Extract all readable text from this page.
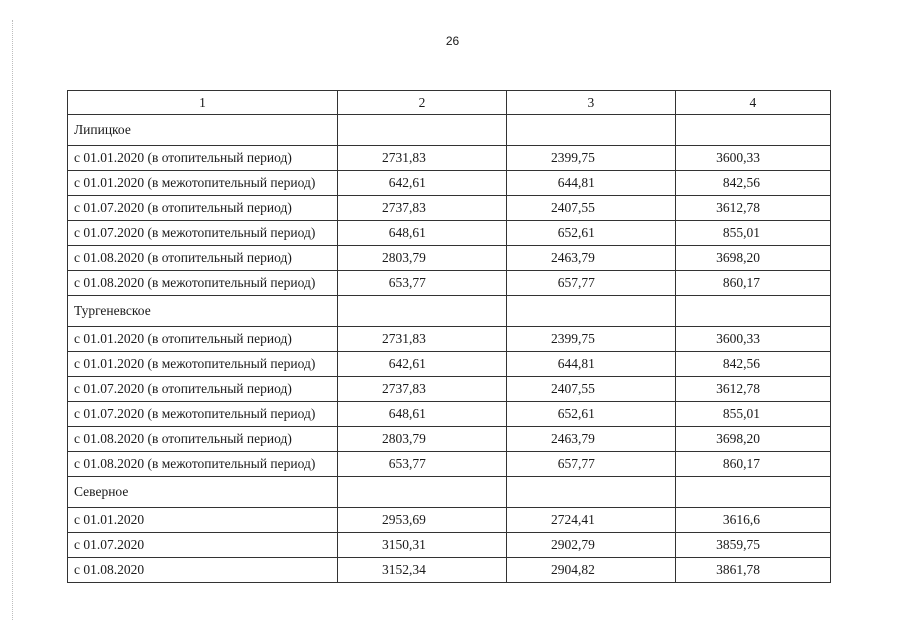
26
1	2	3	4
Липицкое			
с 01.01.2020 (в отопительный период)	2731,83	2399,75	3600,33
с 01.01.2020 (в межотопительный период)	642,61	644,81	842,56
с 01.07.2020 (в отопительный период)	2737,83	2407,55	3612,78
с 01.07.2020 (в межотопительный период)	648,61	652,61	855,01
с 01.08.2020 (в отопительный период)	2803,79	2463,79	3698,20
с 01.08.2020 (в межотопительный период)	653,77	657,77	860,17
Тургеневское			
с 01.01.2020 (в отопительный период)	2731,83	2399,75	3600,33
с 01.01.2020 (в межотопительный период)	642,61	644,81	842,56
с 01.07.2020 (в отопительный период)	2737,83	2407,55	3612,78
с 01.07.2020 (в межотопительный период)	648,61	652,61	855,01
с 01.08.2020 (в отопительный период)	2803,79	2463,79	3698,20
с 01.08.2020 (в межотопительный период)	653,77	657,77	860,17
Северное			
с 01.01.2020	2953,69	2724,41	3616,6
с 01.07.2020	3150,31	2902,79	3859,75
с 01.08.2020	3152,34	2904,82	3861,78
